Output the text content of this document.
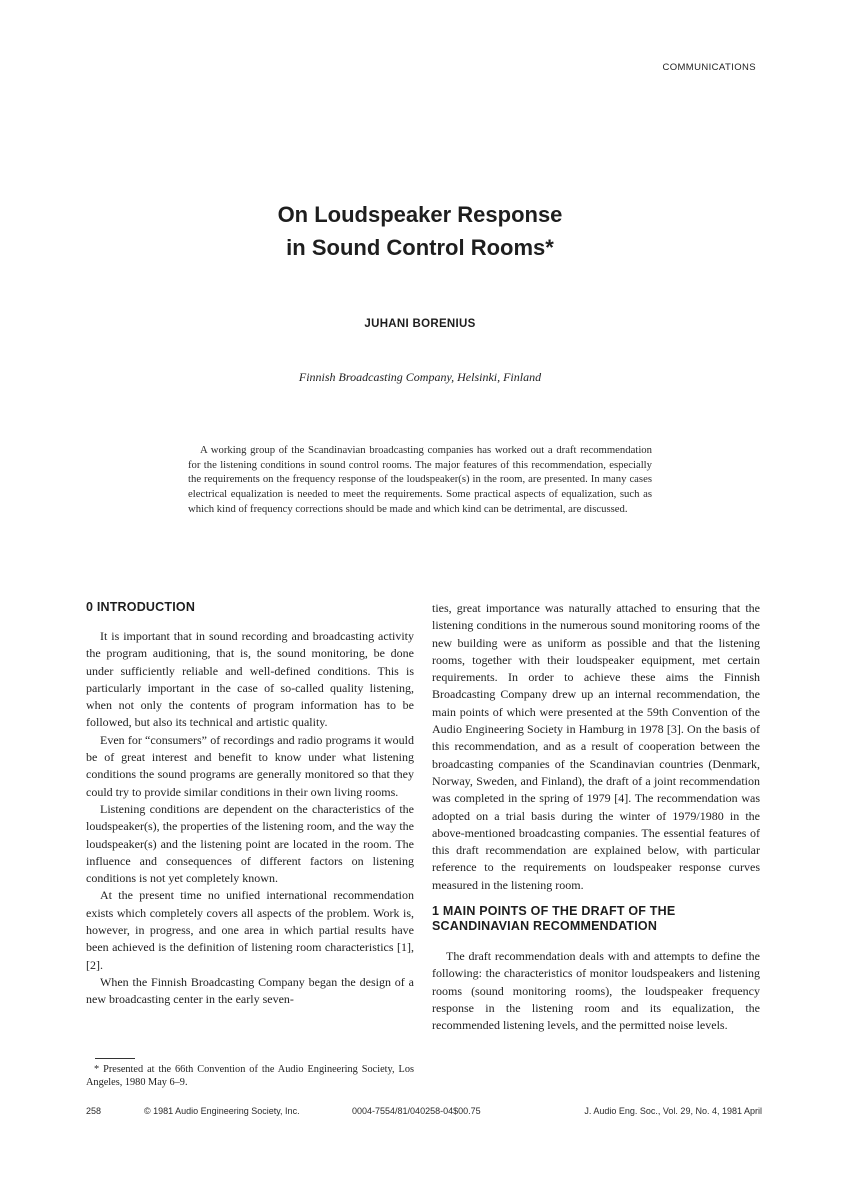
COMMUNICATIONS
On Loudspeaker Response
in Sound Control Rooms*
JUHANI BORENIUS
Finnish Broadcasting Company, Helsinki, Finland
A working group of the Scandinavian broadcasting companies has worked out a draft recommendation for the listening conditions in sound control rooms. The major features of this recommendation, especially the requirements on the frequency response of the loudspeaker(s) in the room, are presented. In many cases electrical equalization is needed to meet the requirements. Some practical aspects of equalization, such as which kind of frequency corrections should be made and which kind can be detrimental, are discussed.
0 INTRODUCTION

It is important that in sound recording and broadcasting activity the program auditioning, that is, the sound monitoring, be done under sufficiently reliable and well-defined conditions. This is particularly important in the case of so-called quality listening, when not only the contents of program information has to be followed, but also its technical and artistic quality.

Even for “consumers” of recordings and radio programs it would be of great interest and benefit to know under what listening conditions the sound programs are generally monitored so that they could try to provide similar conditions in their own living rooms.

Listening conditions are dependent on the characteristics of the loudspeaker(s), the properties of the listening room, and the way the loudspeaker(s) and the listening point are located in the room. The influence and consequences of different factors on listening conditions is not yet completely known.

At the present time no unified international recommendation exists which completely covers all aspects of the problem. Work is, however, in progress, and one area in which partial results have been achieved is the definition of listening room characteristics [1], [2].

When the Finnish Broadcasting Company began the design of a new broadcasting center in the early seven-

ties, great importance was naturally attached to ensuring that the listening conditions in the numerous sound monitoring rooms of the new building were as uniform as possible and that the listening rooms, together with their loudspeaker equipment, met certain requirements. In order to achieve these aims the Finnish Broadcasting Company drew up an internal recommendation, the main points of which were presented at the 59th Convention of the Audio Engineering Society in Hamburg in 1978 [3]. On the basis of this recommendation, and as a result of cooperation between the broadcasting companies of the Scandinavian countries (Denmark, Norway, Sweden, and Finland), the draft of a joint recommendation was completed in the spring of 1979 [4]. The recommendation was adopted on a trial basis during the winter of 1979/1980 in the above-mentioned broadcasting companies. The essential features of this draft recommendation are explained below, with particular reference to the requirements on loudspeaker response curves measured in the listening room.

1 MAIN POINTS OF THE DRAFT OF THE
SCANDINAVIAN RECOMMENDATION

The draft recommendation deals with and attempts to define the following: the characteristics of monitor loudspeakers and listening rooms (sound monitoring rooms), the loudspeaker frequency response in the listening room and its equalization, the recommended listening levels, and the permitted noise levels.

* Presented at the 66th Convention of the Audio Engineering Society, Los Angeles, 1980 May 6–9.
258	© 1981 Audio Engineering Society, Inc.	0004-7554/81/040258-04$00.75	J. Audio Eng. Soc., Vol. 29, No. 4, 1981 April
